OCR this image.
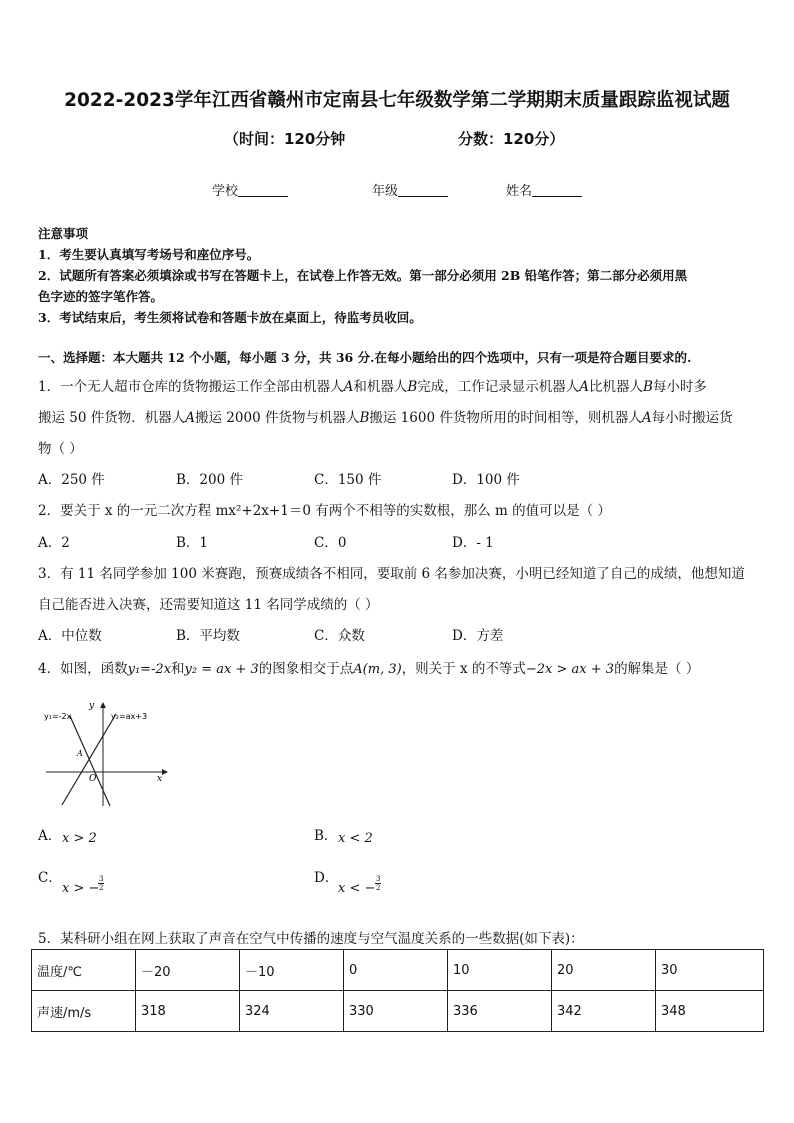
2022-2023学年江西省赣州市定南县七年级数学第二学期期末质量跟踪监视试题
（时间：120分钟	分数：120分）
学校	年级	姓名
注意事项
1．考生要认真填写考场号和座位序号。
2．试题所有答案必须填涂或书写在答题卡上，在试卷上作答无效。第一部分必须用 2B 铅笔作答；第二部分必须用黑
色字迹的签字笔作答。
3．考试结束后，考生须将试卷和答题卡放在桌面上，待监考员收回。
一、选择题：本大题共 12 个小题，每小题 3 分，共 36 分.在每小题给出的四个选项中，只有一项是符合题目要求的.
1．一个无人超市仓库的货物搬运工作全部由机器人A和机器人B完成，工作记录显示机器人A比机器人B每小时多
搬运 50 件货物．机器人A搬运 2000 件货物与机器人B搬运 1600 件货物所用的时间相等，则机器人A每小时搬运货
物（ ）
A．250 件	B．200 件	C．150 件	D．100 件
2．要关于 x 的一元二次方程 mx²+2x+1＝0 有两个不相等的实数根，那么 m 的值可以是（ ）
A．2	B．1	C．0	D．- 1
3．有 11 名同学参加 100 米赛跑，预赛成绩各不相同，要取前 6 名参加决赛，小明已经知道了自己的成绩，他想知道
自己能否进入决赛，还需要知道这 11 名同学成绩的（ ）
A．中位数	B．平均数	C．众数	D．方差
4．如图，函数y₁=-2x和y₂ = ax + 3的图象相交于点A(m, 3)，则关于 x 的不等式−2x > ax + 3的解集是（ ）
y₁=-2x	y₂=ax+3
y
x
O
A
A． x > 2	B． x < 2
C．
x > −
3
2
D．
x < −
3
2
5．某科研小组在网上获取了声音在空气中传播的速度与空气温度关系的一些数据(如下表)：
温度/℃	－20	－10	0	10	20	30
声速/m/s	318	324	330	336	342	348
